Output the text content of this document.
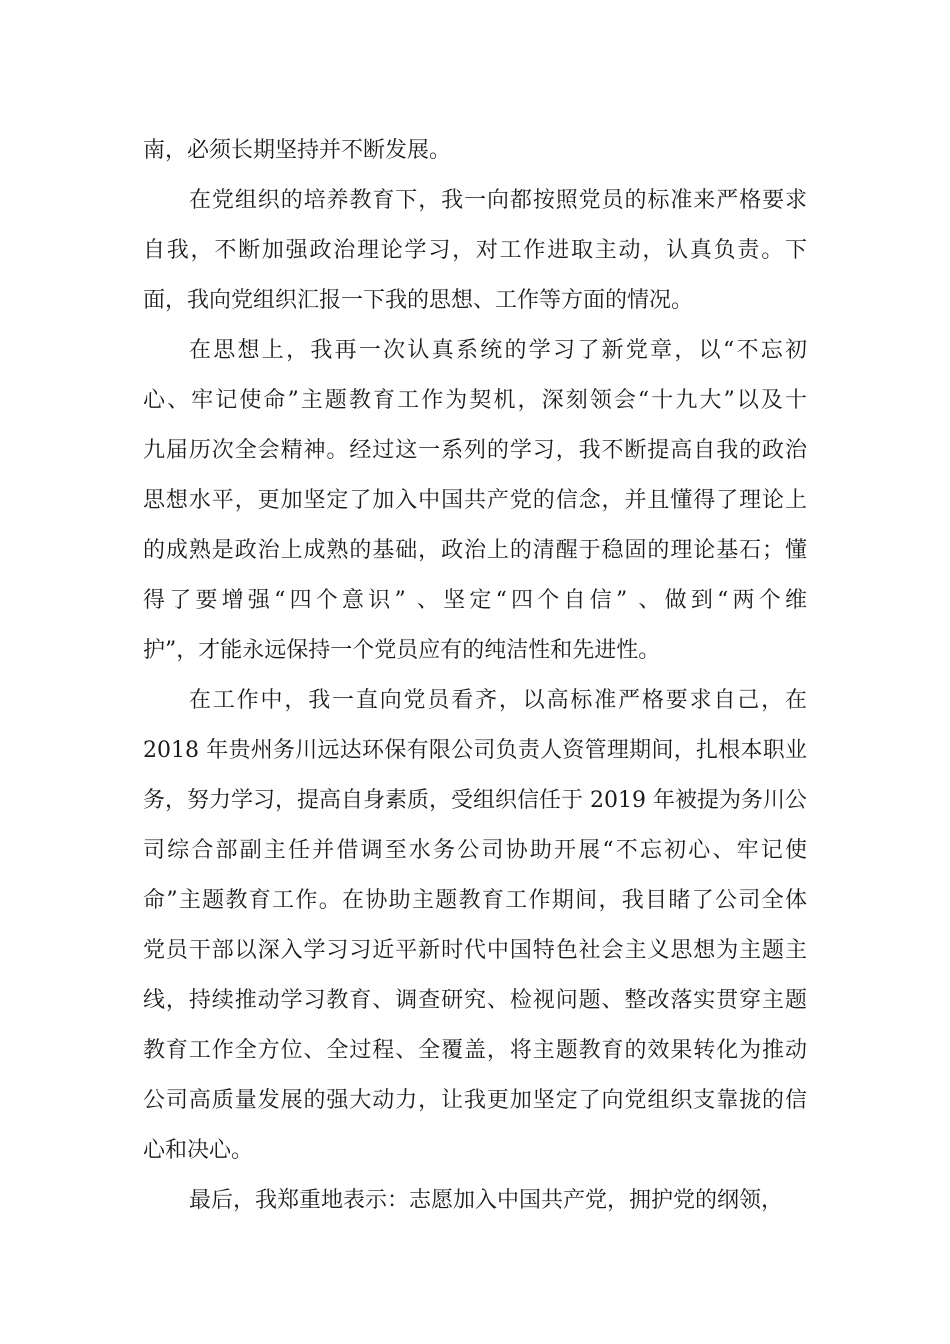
南，必须长期坚持并不断发展。
在党组织的培养教育下，我一向都按照党员的标准来严格要求
自我，不断加强政治理论学习，对工作进取主动，认真负责。下
面，我向党组织汇报一下我的思想、工作等方面的情况。
在思想上，我再一次认真系统的学习了新党章，以“不忘初
心、牢记使命”主题教育工作为契机，深刻领会“十九大”以及十
九届历次全会精神。经过这一系列的学习，我不断提高自我的政治
思想水平，更加坚定了加入中国共产党的信念，并且懂得了理论上
的成熟是政治上成熟的基础，政治上的清醒于稳固的理论基石；懂
得了要增强“四个意识” 、坚定“四个自信” 、做到“两个维
护”，才能永远保持一个党员应有的纯洁性和先进性。
在工作中，我一直向党员看齐，以高标准严格要求自己，在
2018 年贵州务川远达环保有限公司负责人资管理期间，扎根本职业
务，努力学习，提高自身素质，受组织信任于 2019 年被提为务川公
司综合部副主任并借调至水务公司协助开展“不忘初心、牢记使
命”主题教育工作。在协助主题教育工作期间，我目睹了公司全体
党员干部以深入学习习近平新时代中国特色社会主义思想为主题主
线，持续推动学习教育、调查研究、检视问题、整改落实贯穿主题
教育工作全方位、全过程、全覆盖，将主题教育的效果转化为推动
公司高质量发展的强大动力，让我更加坚定了向党组织支靠拢的信
心和决心。
最后，我郑重地表示：志愿加入中国共产党，拥护党的纲领，
